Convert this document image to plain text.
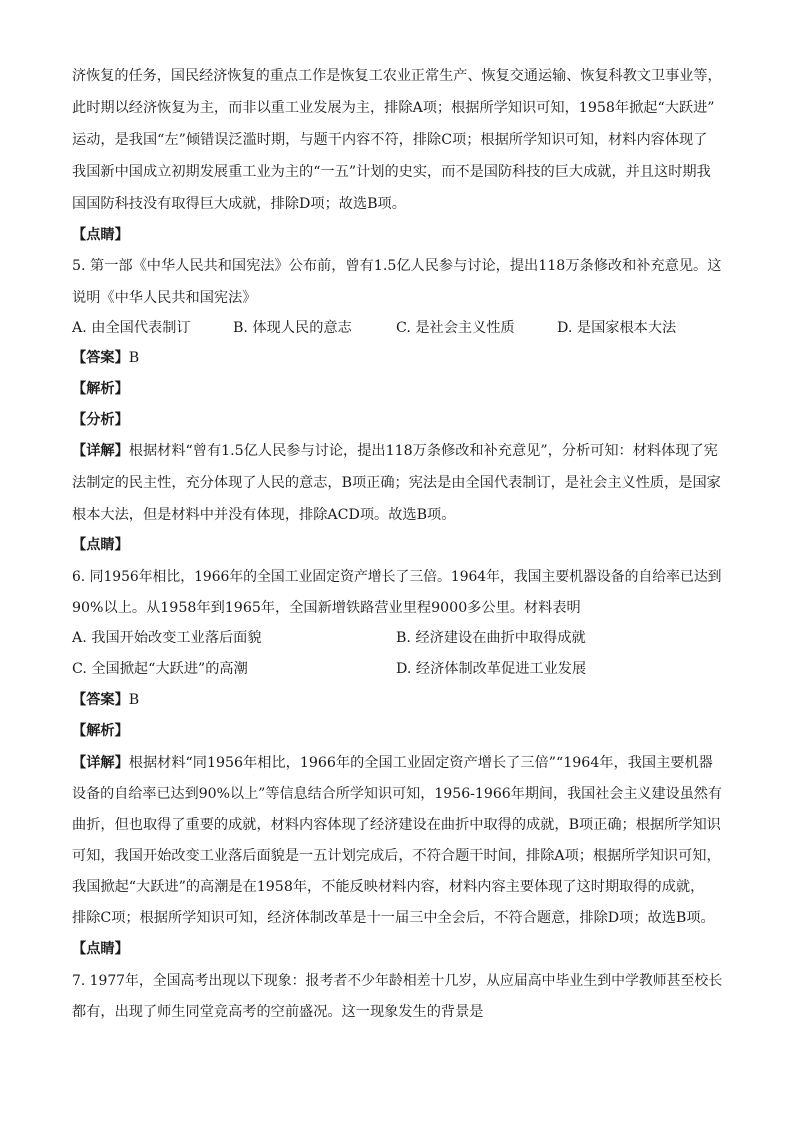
济恢复的任务，国民经济恢复的重点工作是恢复工农业正常生产、恢复交通运输、恢复科教文卫事业等，
此时期以经济恢复为主，而非以重工业发展为主，排除A项；根据所学知识可知，1958年掀起“大跃进”
运动，是我国“左”倾错误泛滥时期，与题干内容不符，排除C项；根据所学知识可知，材料内容体现了
我国新中国成立初期发展重工业为主的“一五”计划的史实，而不是国防科技的巨大成就，并且这时期我
国国防科技没有取得巨大成就，排除D项；故选B项。
【点睛】
5. 第一部《中华人民共和国宪法》公布前，曾有1.5亿人民参与讨论，提出118万条修改和补充意见。这
说明《中华人民共和国宪法》
A. 由全国代表制订	B. 体现人民的意志	C. 是社会主义性质	D. 是国家根本大法
【答案】B
【解析】
【分析】
【详解】根据材料“曾有1.5亿人民参与讨论，提出118万条修改和补充意见”，分析可知：材料体现了宪
法制定的民主性，充分体现了人民的意志，B项正确；宪法是由全国代表制订，是社会主义性质，是国家
根本大法，但是材料中并没有体现，排除ACD项。故选B项。
【点睛】
6. 同1956年相比，1966年的全国工业固定资产增长了三倍。1964年，我国主要机器设备的自给率已达到
90%以上。从1958年到1965年，全国新增铁路营业里程9000多公里。材料表明
A. 我国开始改变工业落后面貌	B. 经济建设在曲折中取得成就
C. 全国掀起“大跃进”的高潮	D. 经济体制改革促进工业发展
【答案】B
【解析】
【详解】根据材料“同1956年相比，1966年的全国工业固定资产增长了三倍”“1964年，我国主要机器
设备的自给率已达到90%以上”等信息结合所学知识可知，1956-1966年期间，我国社会主义建设虽然有
曲折，但也取得了重要的成就，材料内容体现了经济建设在曲折中取得的成就，B项正确；根据所学知识
可知，我国开始改变工业落后面貌是一五计划完成后，不符合题干时间，排除A项；根据所学知识可知，
我国掀起“大跃进”的高潮是在1958年，不能反映材料内容，材料内容主要体现了这时期取得的成就，
排除C项；根据所学知识可知，经济体制改革是十一届三中全会后，不符合题意，排除D项；故选B项。
【点睛】
7. 1977年，全国高考出现以下现象：报考者不少年龄相差十几岁，从应届高中毕业生到中学教师甚至校长
都有，出现了师生同堂竞高考的空前盛况。这一现象发生的背景是
